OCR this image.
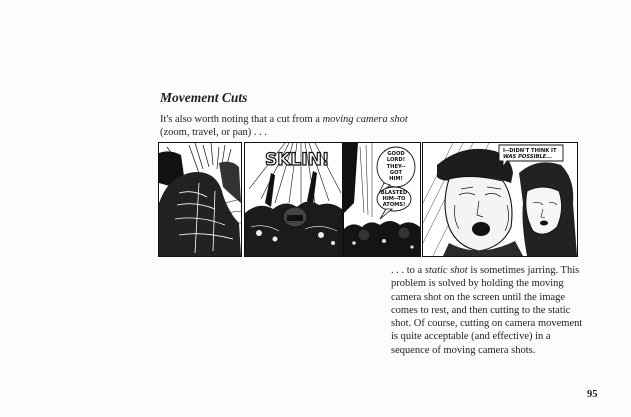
Movement Cuts
It's also worth noting that a cut from a moving camera shot (zoom, travel, or pan) . . .
SKLIN!	GOOD
LORD!
THEY--
GOT
HIM!
BLASTED
HIM--TO
ATOMS!
I--DIDN'T THINK IT
WAS POSSIBLE...
. . . to a static shot is sometimes jarring. This problem is solved by holding the moving camera shot on the screen until the image comes to rest, and then cutting to the static shot. Of course, cutting on camera movement is quite acceptable (and effective) in a sequence of moving camera shots.
95
